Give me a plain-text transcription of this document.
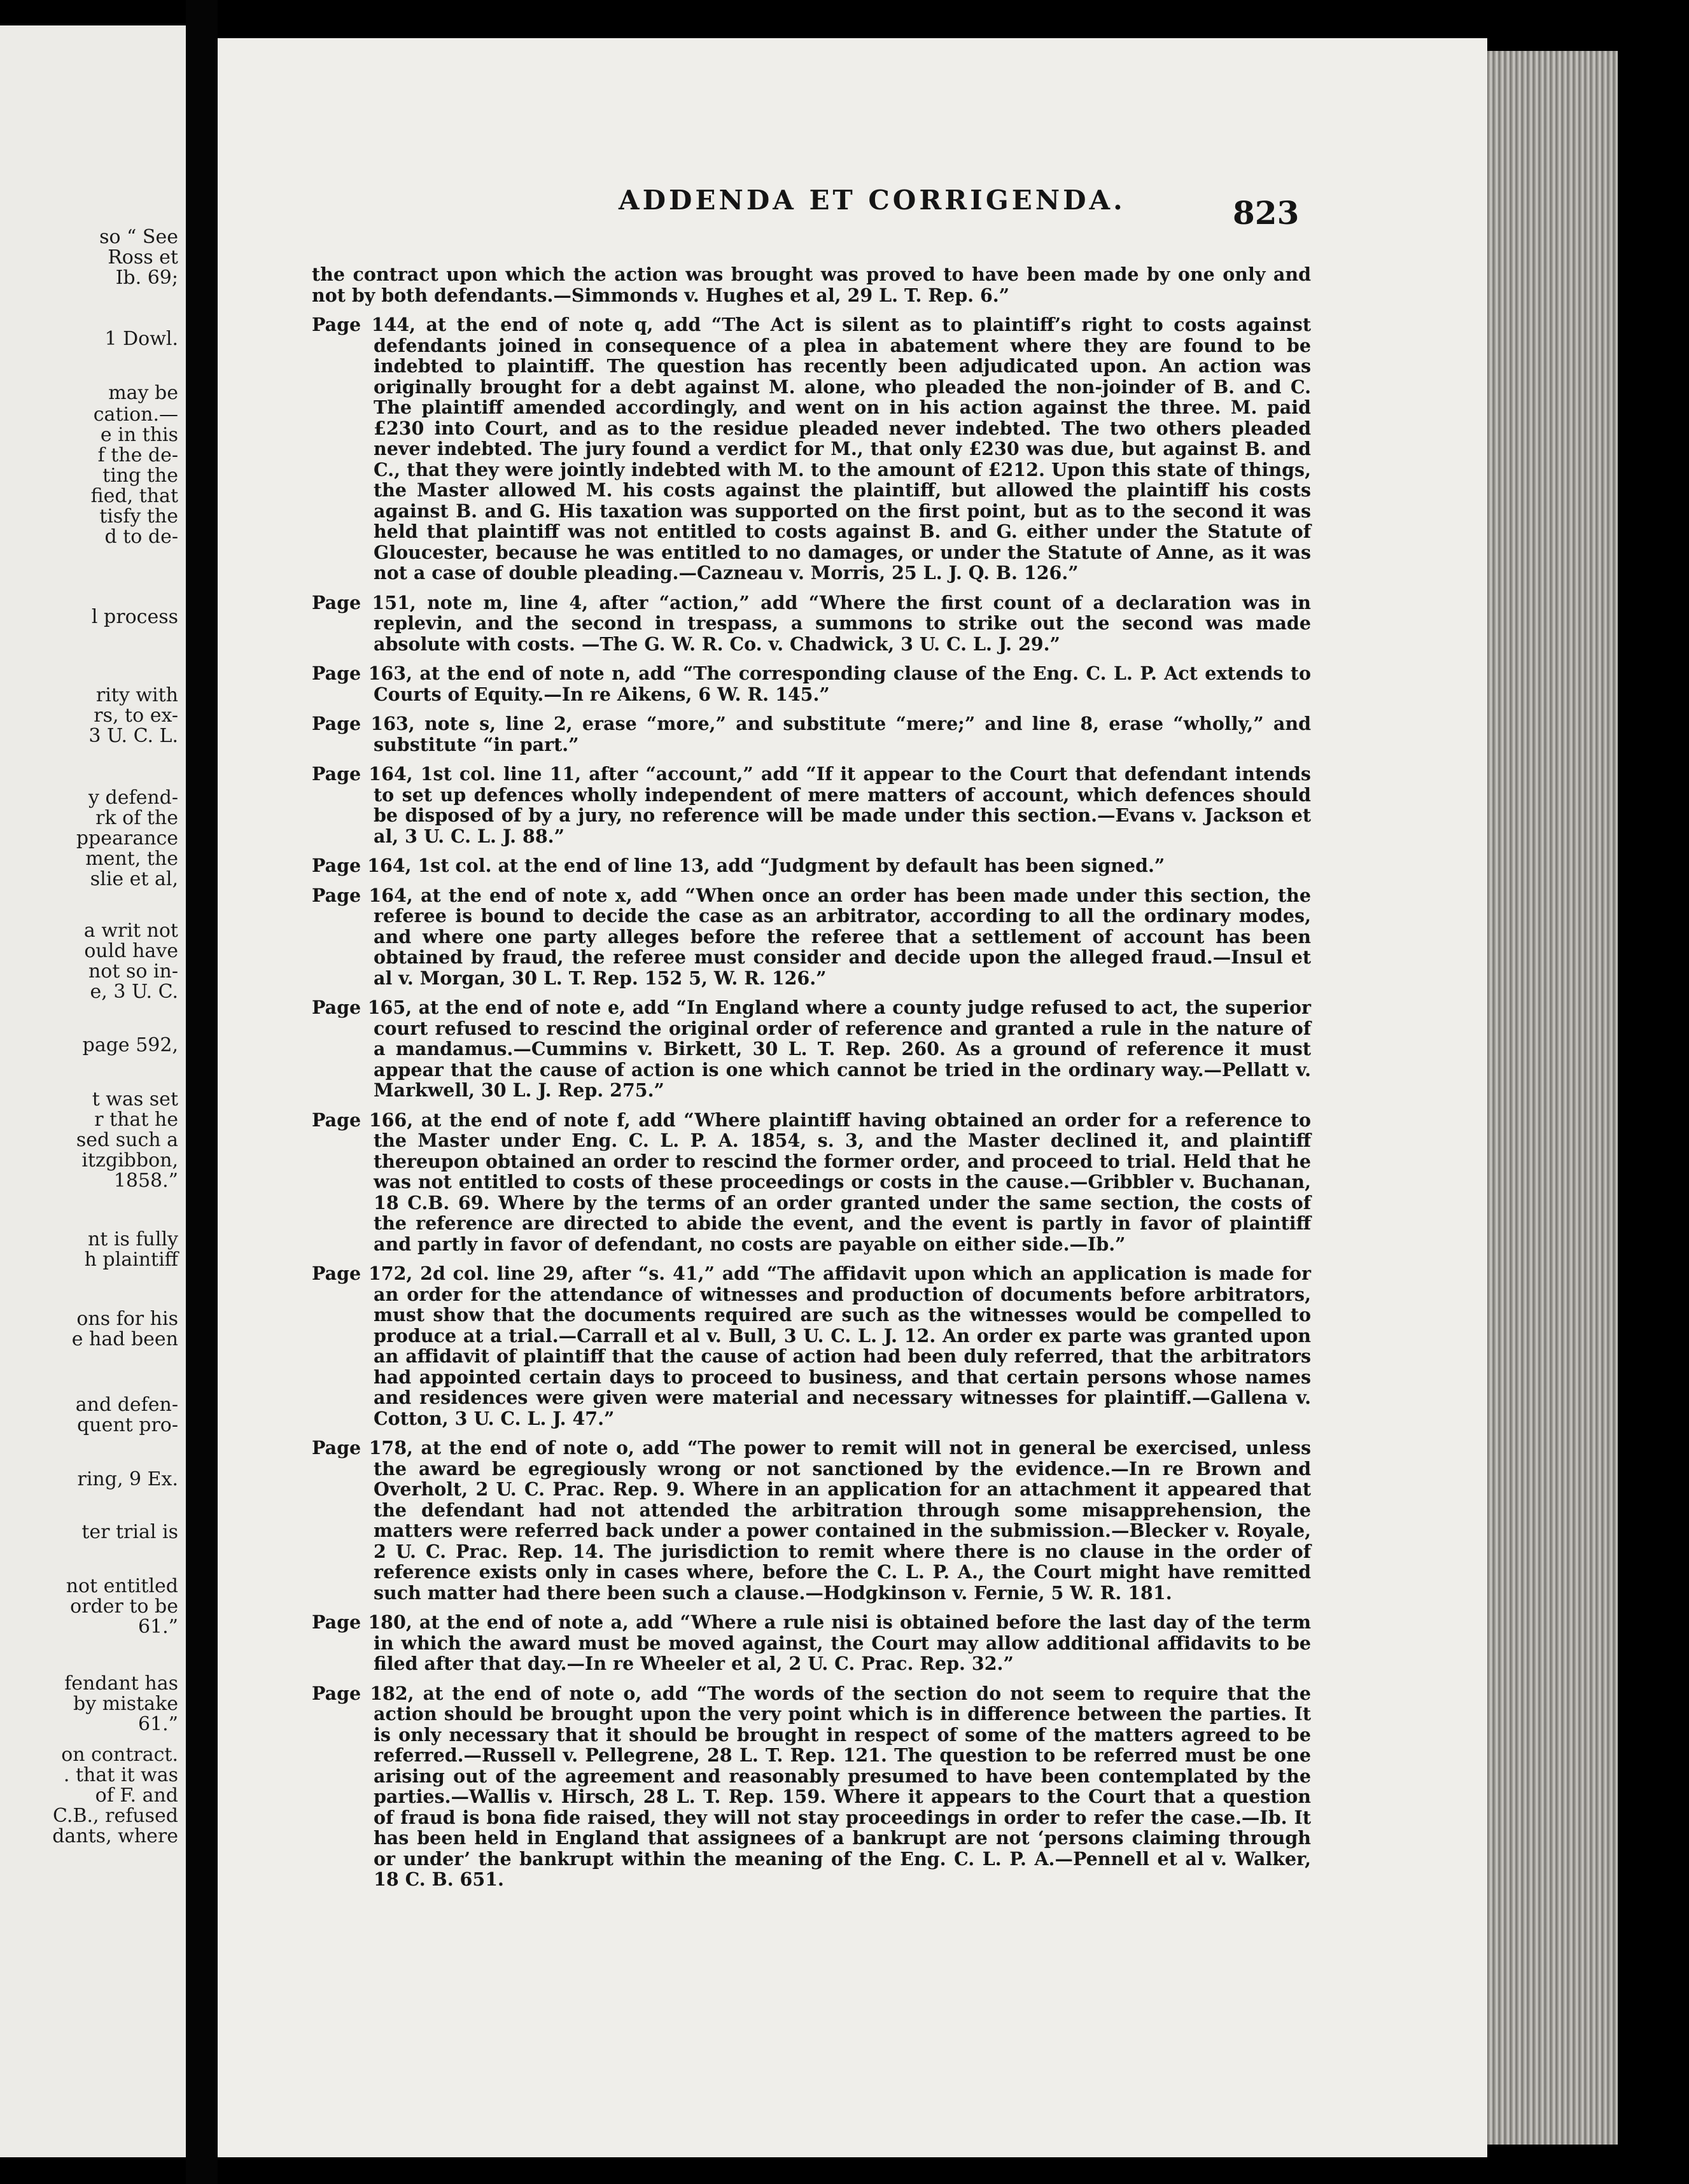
so “ See
Ross et
Ib. 69;
1 Dowl.
may be
cation.—
e in this
f the de-
ting the
fied, that
tisfy the
d to de-
l process
rity with
rs, to ex-
3 U. C. L.
y defend-
rk of the
ppearance
ment, the
slie et al,
a writ not
ould have
not so in-
e, 3 U. C.
page 592,
t was set
r that he
sed such a
itzgibbon,
1858.”
nt is fully
h plaintiff
ons for his
e had been
and defen-
quent pro-
ring, 9 Ex.
ter trial is
not entitled
order to be
61.”
fendant has
by mistake
61.”
on contract.
. that it was
of F. and
C.B., refused
dants, where
ADDENDA ET CORRIGENDA.	823

the contract upon which the action was brought was proved to have been made by one only and not by both defendants.—Simmonds v. Hughes et al, 29 L. T. Rep. 6.”

Page 144, at the end of note q, add “The Act is silent as to plaintiff’s right to costs against defendants joined in consequence of a plea in abatement where they are found to be indebted to plaintiff. The question has recently been adjudicated upon. An action was originally brought for a debt against M. alone, who pleaded the non-joinder of B. and C. The plaintiff amended accordingly, and went on in his action against the three. M. paid £230 into Court, and as to the residue pleaded never indebted. The two others pleaded never indebted. The jury found a verdict for M., that only £230 was due, but against B. and C., that they were jointly indebted with M. to the amount of £212. Upon this state of things, the Master allowed M. his costs against the plaintiff, but allowed the plaintiff his costs against B. and G. His taxation was supported on the first point, but as to the second it was held that plaintiff was not entitled to costs against B. and G. either under the Statute of Gloucester, because he was entitled to no damages, or under the Statute of Anne, as it was not a case of double pleading.—Cazneau v. Morris, 25 L. J. Q. B. 126.”

Page 151, note m, line 4, after “action,” add “Where the first count of a declaration was in replevin, and the second in trespass, a summons to strike out the second was made absolute with costs. —The G. W. R. Co. v. Chadwick, 3 U. C. L. J. 29.”

Page 163, at the end of note n, add “The corresponding clause of the Eng. C. L. P. Act extends to Courts of Equity.—In re Aikens, 6 W. R. 145.”

Page 163, note s, line 2, erase “more,” and substitute “mere;” and line 8, erase “wholly,” and substitute “in part.”

Page 164, 1st col. line 11, after “account,” add “If it appear to the Court that defendant intends to set up defences wholly independent of mere matters of account, which defences should be disposed of by a jury, no reference will be made under this section.—Evans v. Jackson et al, 3 U. C. L. J. 88.”

Page 164, 1st col. at the end of line 13, add “Judgment by default has been signed.”

Page 164, at the end of note x, add “When once an order has been made under this section, the referee is bound to decide the case as an arbitrator, according to all the ordinary modes, and where one party alleges before the referee that a settlement of account has been obtained by fraud, the referee must consider and decide upon the alleged fraud.—Insul et al v. Morgan, 30 L. T. Rep. 152 5, W. R. 126.”

Page 165, at the end of note e, add “In England where a county judge refused to act, the superior court refused to rescind the original order of reference and granted a rule in the nature of a mandamus.—Cummins v. Birkett, 30 L. T. Rep. 260. As a ground of reference it must appear that the cause of action is one which cannot be tried in the ordinary way.—Pellatt v. Markwell, 30 L. J. Rep. 275.”

Page 166, at the end of note f, add “Where plaintiff having obtained an order for a reference to the Master under Eng. C. L. P. A. 1854, s. 3, and the Master declined it, and plaintiff thereupon obtained an order to rescind the former order, and proceed to trial. Held that he was not entitled to costs of these proceedings or costs in the cause.—Gribbler v. Buchanan, 18 C.B. 69. Where by the terms of an order granted under the same section, the costs of the reference are directed to abide the event, and the event is partly in favor of plaintiff and partly in favor of defendant, no costs are payable on either side.—Ib.”

Page 172, 2d col. line 29, after “s. 41,” add “The affidavit upon which an application is made for an order for the attendance of witnesses and production of documents before arbitrators, must show that the documents required are such as the witnesses would be compelled to produce at a trial.—Carrall et al v. Bull, 3 U. C. L. J. 12. An order ex parte was granted upon an affidavit of plaintiff that the cause of action had been duly referred, that the arbitrators had appointed certain days to proceed to business, and that certain persons whose names and residences were given were material and necessary witnesses for plaintiff.—Gallena v. Cotton, 3 U. C. L. J. 47.”

Page 178, at the end of note o, add “The power to remit will not in general be exercised, unless the award be egregiously wrong or not sanctioned by the evidence.—In re Brown and Overholt, 2 U. C. Prac. Rep. 9. Where in an application for an attachment it appeared that the defendant had not attended the arbitration through some misapprehension, the matters were referred back under a power contained in the submission.—Blecker v. Royale, 2 U. C. Prac. Rep. 14. The jurisdiction to remit where there is no clause in the order of reference exists only in cases where, before the C. L. P. A., the Court might have remitted such matter had there been such a clause.—Hodgkinson v. Fernie, 5 W. R. 181.

Page 180, at the end of note a, add “Where a rule nisi is obtained before the last day of the term in which the award must be moved against, the Court may allow additional affidavits to be filed after that day.—In re Wheeler et al, 2 U. C. Prac. Rep. 32.”

Page 182, at the end of note o, add “The words of the section do not seem to require that the action should be brought upon the very point which is in difference between the parties. It is only necessary that it should be brought in respect of some of the matters agreed to be referred.—Russell v. Pellegrene, 28 L. T. Rep. 121. The question to be referred must be one arising out of the agreement and reasonably presumed to have been contemplated by the parties.—Wallis v. Hirsch, 28 L. T. Rep. 159. Where it appears to the Court that a question of fraud is bona fide raised, they will not stay proceedings in order to refer the case.—Ib. It has been held in England that assignees of a bankrupt are not ‘persons claiming through or under’ the bankrupt within the meaning of the Eng. C. L. P. A.—Pennell et al v. Walker, 18 C. B. 651.
